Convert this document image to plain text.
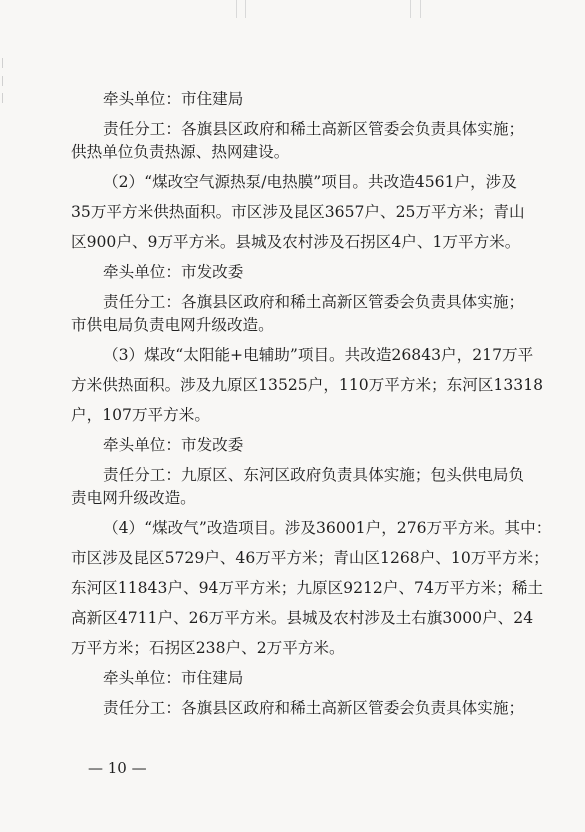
牵头单位：市住建局
责任分工：各旗县区政府和稀土高新区管委会负责具体实施；
供热单位负责热源、热网建设。
（2）“煤改空气源热泵/电热膜”项目。共改造4561户，涉及
35万平方米供热面积。市区涉及昆区3657户、25万平方米；青山
区900户、9万平方米。县城及农村涉及石拐区4户、1万平方米。
牵头单位：市发改委
责任分工：各旗县区政府和稀土高新区管委会负责具体实施；
市供电局负责电网升级改造。
（3）煤改“太阳能+电辅助”项目。共改造26843户，217万平
方米供热面积。涉及九原区13525户，110万平方米；东河区13318
户，107万平方米。
牵头单位：市发改委
责任分工：九原区、东河区政府负责具体实施；包头供电局负
责电网升级改造。
（4）“煤改气”改造项目。涉及36001户，276万平方米。其中：
市区涉及昆区5729户、46万平方米；青山区1268户、10万平方米；
东河区11843户、94万平方米；九原区9212户、74万平方米；稀土
高新区4711户、26万平方米。县城及农村涉及土右旗3000户、24
万平方米；石拐区238户、2万平方米。
牵头单位：市住建局
责任分工：各旗县区政府和稀土高新区管委会负责具体实施；
— 10 —
